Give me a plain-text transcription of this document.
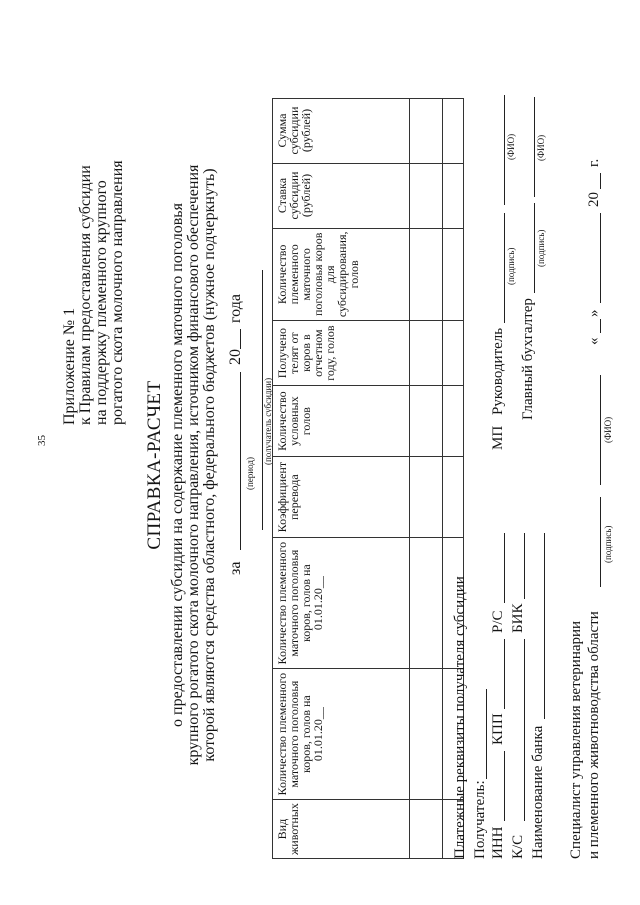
35
Приложение № 1 к Правилам предоставления субсидии на поддержку племенного крупного рогатого скота молочного направления
СПРАВКА-РАСЧЕТ о предоставлении субсидии на содержание племенного маточного поголовья крупного рогатого скота молочного направления, источником финансового обеспечения которой являются средства областного, федерального бюджетов (нужное подчеркнуть) за
(период)
20
года
(получатель субсидии)
Вид животных	Количество племенного маточного поголовья коров, голов на 01.01.20__	Количество племенного маточного поголовья коров, голов на 01.01.20__	Коэффициент перевода	Количество условных голов	Получено телят от коров в отчетном году, голов	Количество племенного маточного поголовья коров для субсидирования, голов	Ставка субсидии (рублей)	Сумма субсидии (рублей)

Платежные реквизиты получателя субсидии Получатель: ИНН
КПП
Р/С
К/С
БИК
Наименование банка
МП
Руководитель
(подпись)
(ФИО)
Главный бухгалтер
(подпись)
(ФИО)
Специалист управления ветеринарии и племенного животноводства области
(подпись)
(ФИО)
«
»
20
г.
